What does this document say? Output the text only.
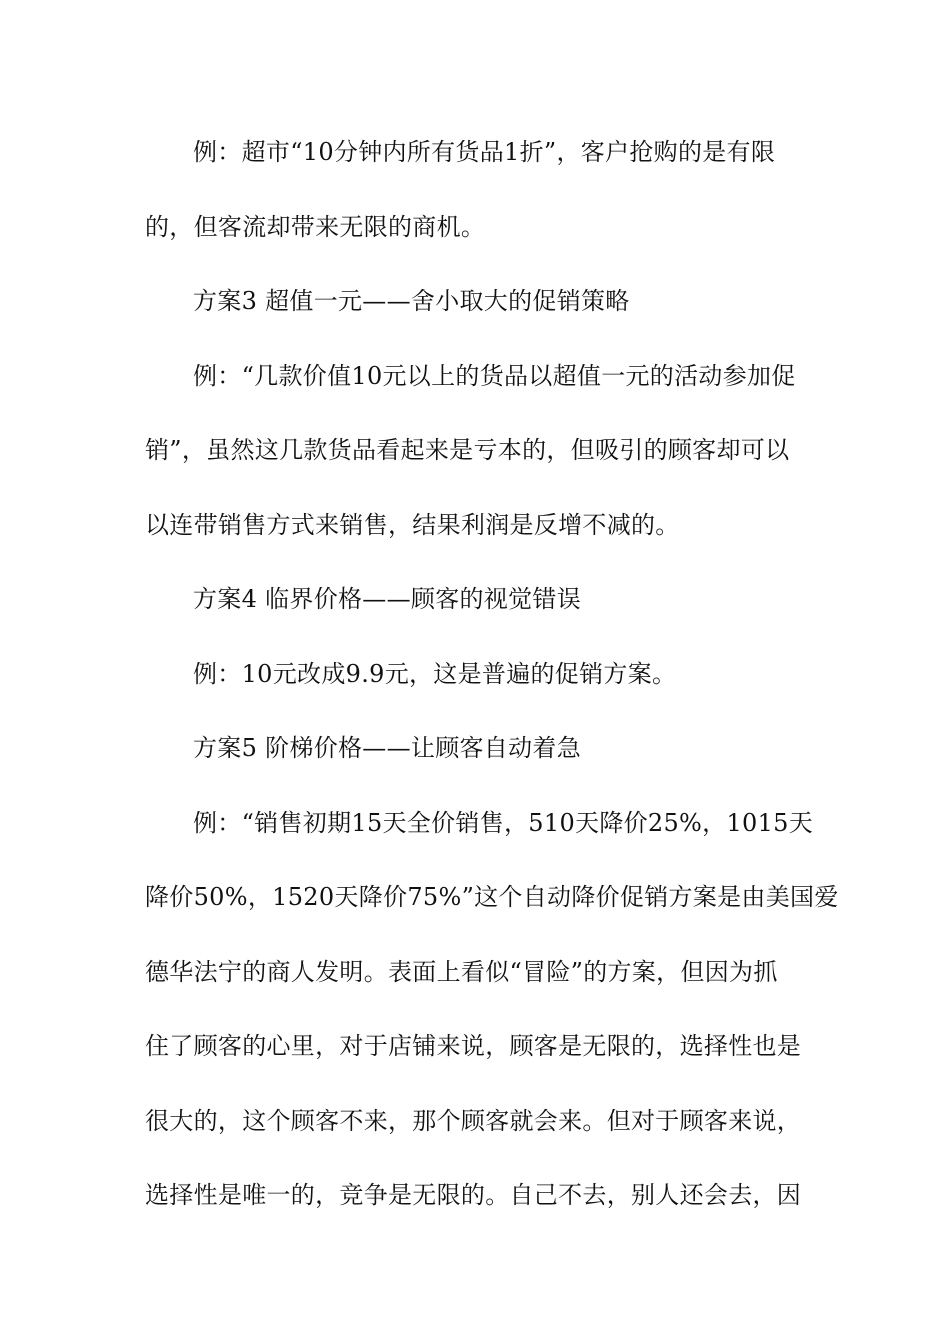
例：超市“10分钟内所有货品1折”，客户抢购的是有限
的，但客流却带来无限的商机。
方案3 超值一元——舍小取大的促销策略
例：“几款价值10元以上的货品以超值一元的活动参加促
销”，虽然这几款货品看起来是亏本的，但吸引的顾客却可以
以连带销售方式来销售，结果利润是反增不减的。
方案4 临界价格——顾客的视觉错误
例：10元改成9.9元，这是普遍的促销方案。
方案5 阶梯价格——让顾客自动着急
例：“销售初期15天全价销售，510天降价25%，1015天
降价50%，1520天降价75%”这个自动降价促销方案是由美国爱
德华法宁的商人发明。表面上看似“冒险”的方案，但因为抓
住了顾客的心里，对于店铺来说，顾客是无限的，选择性也是
很大的，这个顾客不来，那个顾客就会来。但对于顾客来说，
选择性是唯一的，竞争是无限的。自己不去，别人还会去，因
